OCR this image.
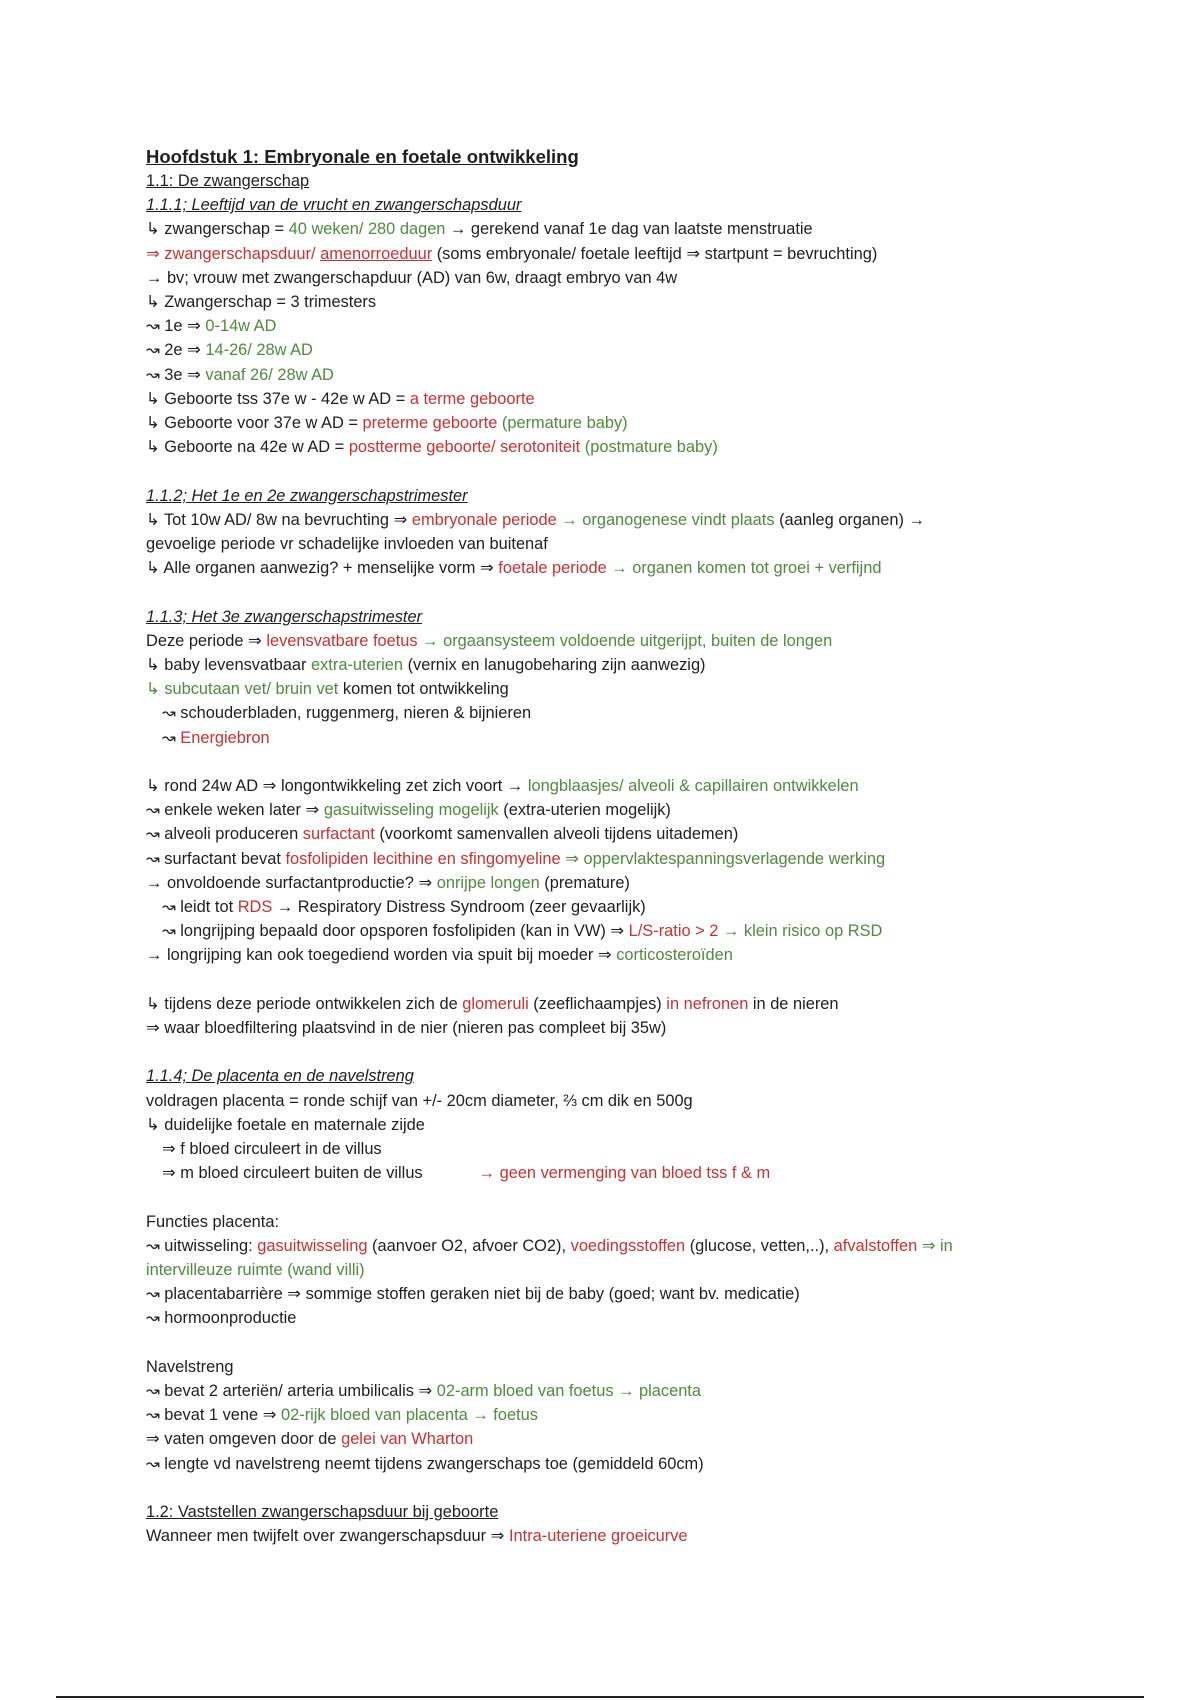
Hoofdstuk 1: Embryonale en foetale ontwikkeling
1.1: De zwangerschap
1.1.1; Leeftijd van de vrucht en zwangerschapsduur
↳ zwangerschap = 40 weken/ 280 dagen → gerekend vanaf 1e dag van laatste menstruatie
⇒ zwangerschapsduur/ amenorroeduur (soms embryonale/ foetale leeftijd ⇒ startpunt = bevruchting)
→ bv; vrouw met zwangerschapduur (AD) van 6w, draagt embryo van 4w
↳ Zwangerschap = 3 trimesters
↝ 1e ⇒ 0-14w AD
↝ 2e ⇒ 14-26/ 28w AD
↝ 3e ⇒ vanaf 26/ 28w AD
↳ Geboorte tss 37e w - 42e w AD = a terme geboorte
↳ Geboorte voor 37e w AD = preterme geboorte (permature baby)
↳ Geboorte na 42e w AD = postterme geboorte/ serotoniteit (postmature baby)
1.1.2; Het 1e en 2e zwangerschapstrimester
↳ Tot 10w AD/ 8w na bevruchting ⇒ embryonale periode → organogenese vindt plaats (aanleg organen) →
gevoelige periode vr schadelijke invloeden van buitenaf
↳ Alle organen aanwezig? + menselijke vorm ⇒ foetale periode → organen komen tot groei + verfijnd
1.1.3; Het 3e zwangerschapstrimester
Deze periode ⇒ levensvatbare foetus → orgaansysteem voldoende uitgerijpt, buiten de longen
↳ baby levensvatbaar extra-uterien (vernix en lanugobeharing zijn aanwezig)
↳ subcutaan vet/ bruin vet komen tot ontwikkeling
↝ schouderbladen, ruggenmerg, nieren & bijnieren
↝ Energiebron
↳ rond 24w AD ⇒ longontwikkeling zet zich voort → longblaasjes/ alveoli & capillairen ontwikkelen
↝ enkele weken later ⇒ gasuitwisseling mogelijk (extra-uterien mogelijk)
↝ alveoli produceren surfactant (voorkomt samenvallen alveoli tijdens uitademen)
↝ surfactant bevat fosfolipiden lecithine en sfingomyeline ⇒ oppervlaktespanningsverlagende werking
→ onvoldoende surfactantproductie? ⇒ onrijpe longen (premature)
↝ leidt tot RDS → Respiratory Distress Syndroom (zeer gevaarlijk)
↝ longrijping bepaald door opsporen fosfolipiden (kan in VW) ⇒ L/S-ratio > 2 → klein risico op RSD
→ longrijping kan ook toegediend worden via spuit bij moeder ⇒ corticosteroïden
↳ tijdens deze periode ontwikkelen zich de glomeruli (zeeflichaampjes) in nefronen in de nieren
⇒ waar bloedfiltering plaatsvind in de nier (nieren pas compleet bij 35w)
1.1.4; De placenta en de navelstreng
voldragen placenta = ronde schijf van +/- 20cm diameter, ⅔ cm dik en 500g
↳ duidelijke foetale en maternale zijde
⇒ f bloed circuleert in de villus
⇒ m bloed circuleert buiten de villus	→ geen vermenging van bloed tss f & m
Functies placenta:
↝ uitwisseling: gasuitwisseling (aanvoer O2, afvoer CO2), voedingsstoffen (glucose, vetten,..), afvalstoffen ⇒ in
intervilleuze ruimte (wand villi)
↝ placentabarrière ⇒ sommige stoffen geraken niet bij de baby (goed; want bv. medicatie)
↝ hormoonproductie
Navelstreng
↝ bevat 2 arteriën/ arteria umbilicalis ⇒ 02-arm bloed van foetus → placenta
↝ bevat 1 vene ⇒ 02-rijk bloed van placenta → foetus
⇒ vaten omgeven door de gelei van Wharton
↝ lengte vd navelstreng neemt tijdens zwangerschaps toe (gemiddeld 60cm)
1.2: Vaststellen zwangerschapsduur bij geboorte
Wanneer men twijfelt over zwangerschapsduur ⇒ Intra-uteriene groeicurve
